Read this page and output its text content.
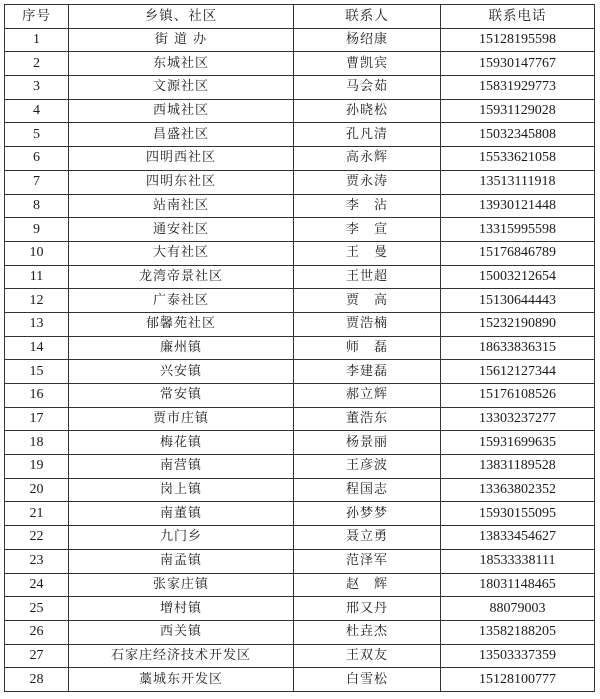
序号	乡镇、社区	联系人	联系电话
1	街 道 办	杨绍康	15128195598
2	东城社区	曹凯宾	15930147767
3	文源社区	马会茹	15831929773
4	西城社区	孙晓松	15931129028
5	昌盛社区	孔凡清	15032345808
6	四明西社区	高永辉	15533621058
7	四明东社区	贾永涛	13513111918
8	站南社区	李　沾	13930121448
9	通安社区	李　宣	13315995598
10	大有社区	王　曼	15176846789
11	龙湾帝景社区	王世超	15003212654
12	广泰社区	贾　高	15130644443
13	郁馨苑社区	贾浩楠	15232190890
14	廉州镇	师　磊	18633836315
15	兴安镇	李建磊	15612127344
16	常安镇	郝立辉	15176108526
17	贾市庄镇	董浩东	13303237277
18	梅花镇	杨景丽	15931699635
19	南营镇	王彦波	13831189528
20	岗上镇	程国志	13363802352
21	南董镇	孙梦梦	15930155095
22	九门乡	聂立勇	13833454627
23	南孟镇	范泽军	18533338111
24	张家庄镇	赵　辉	18031148465
25	增村镇	邢又丹	88079003
26	西关镇	杜垚杰	13582188205
27	石家庄经济技术开发区	王双友	13503337359
28	藁城东开发区	白雪松	15128100777
